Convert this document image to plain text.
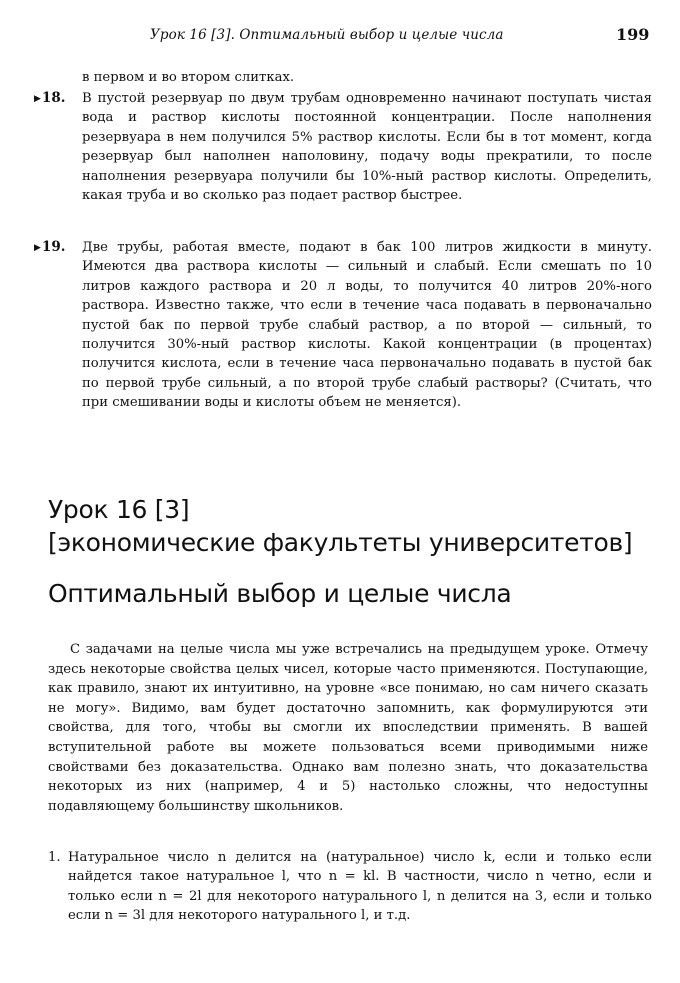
Урок 16 [3]. Оптимальный выбор и целые числа	199
в первом и во втором слитках.
▶18. В пустой резервуар по двум трубам одновременно начинают поступать чистая вода и раствор кислоты постоянной концентрации. После наполнения резервуара в нем получился 5% раствор кислоты. Если бы в тот момент, когда резервуар был наполнен наполовину, подачу воды прекратили, то после наполнения резервуара получили бы 10%-ный раствор кислоты. Определить, какая труба и во сколько раз подает раствор быстрее.
▶19. Две трубы, работая вместе, подают в бак 100 литров жидкости в минуту. Имеются два раствора кислоты — сильный и слабый. Если смешать по 10 литров каждого раствора и 20 л воды, то получится 40 литров 20%-ного раствора. Известно также, что если в течение часа подавать в первоначально пустой бак по первой трубе слабый раствор, а по второй — сильный, то получится 30%-ный раствор кислоты. Какой концентрации (в процентах) получится кислота, если в течение часа первоначально подавать в пустой бак по первой трубе сильный, а по второй трубе слабый растворы? (Считать, что при смешивании воды и кислоты объем не меняется).
Урок 16 [3]
[экономические факультеты университетов]
Оптимальный выбор и целые числа
С задачами на целые числа мы уже встречались на предыдущем уроке. Отмечу здесь некоторые свойства целых чисел, которые часто применяются. Поступающие, как правило, знают их интуитивно, на уровне «все понимаю, но сам ничего сказать не могу». Видимо, вам будет достаточно запомнить, как формулируются эти свойства, для того, чтобы вы смогли их впоследствии применять. В вашей вступительной работе вы можете пользоваться всеми приводимыми ниже свойствами без доказательства. Однако вам полезно знать, что доказательства некоторых из них (например, 4 и 5) настолько сложны, что недоступны подавляющему большинству школьников.
1. Натуральное число n делится на (натуральное) число k, если и только если найдется такое натуральное l, что n = kl. В частности, число n четно, если и только если n = 2l для некоторого натурального l, n делится на 3, если и только если n = 3l для некоторого натурального l, и т.д.
